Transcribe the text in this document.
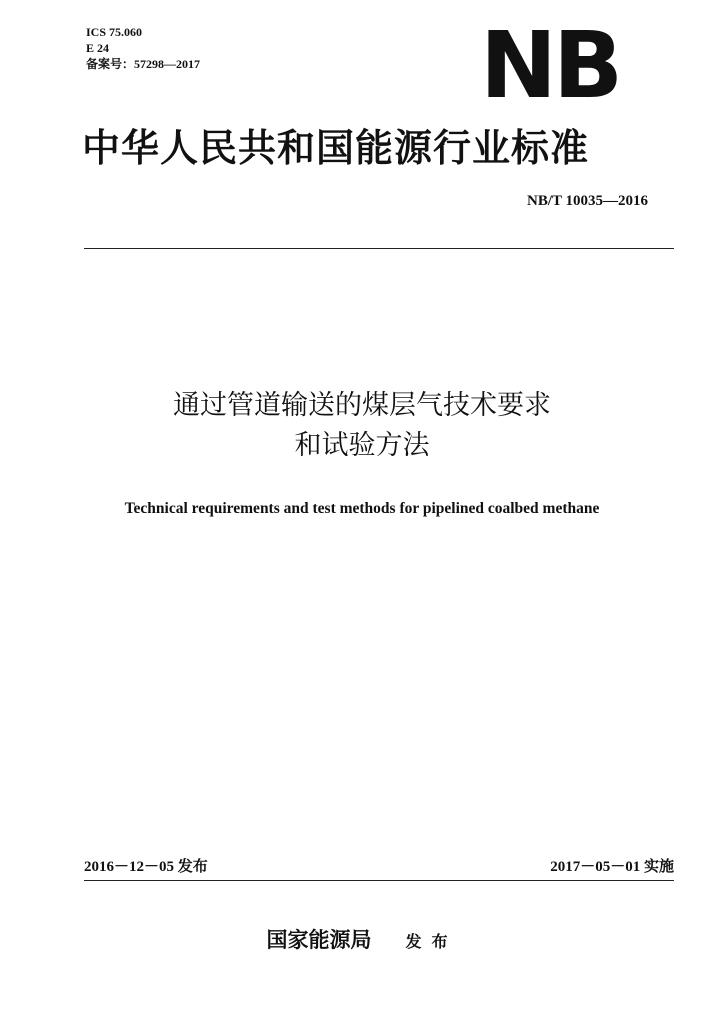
ICS 75.060
E 24
备案号：57298—2017	NB
中华人民共和国能源行业标准
NB/T 10035—2016
通过管道输送的煤层气技术要求
和试验方法
Technical requirements and test methods for pipelined coalbed methane
2016－12－05 发布	2017－05－01 实施
国家能源局 发布
